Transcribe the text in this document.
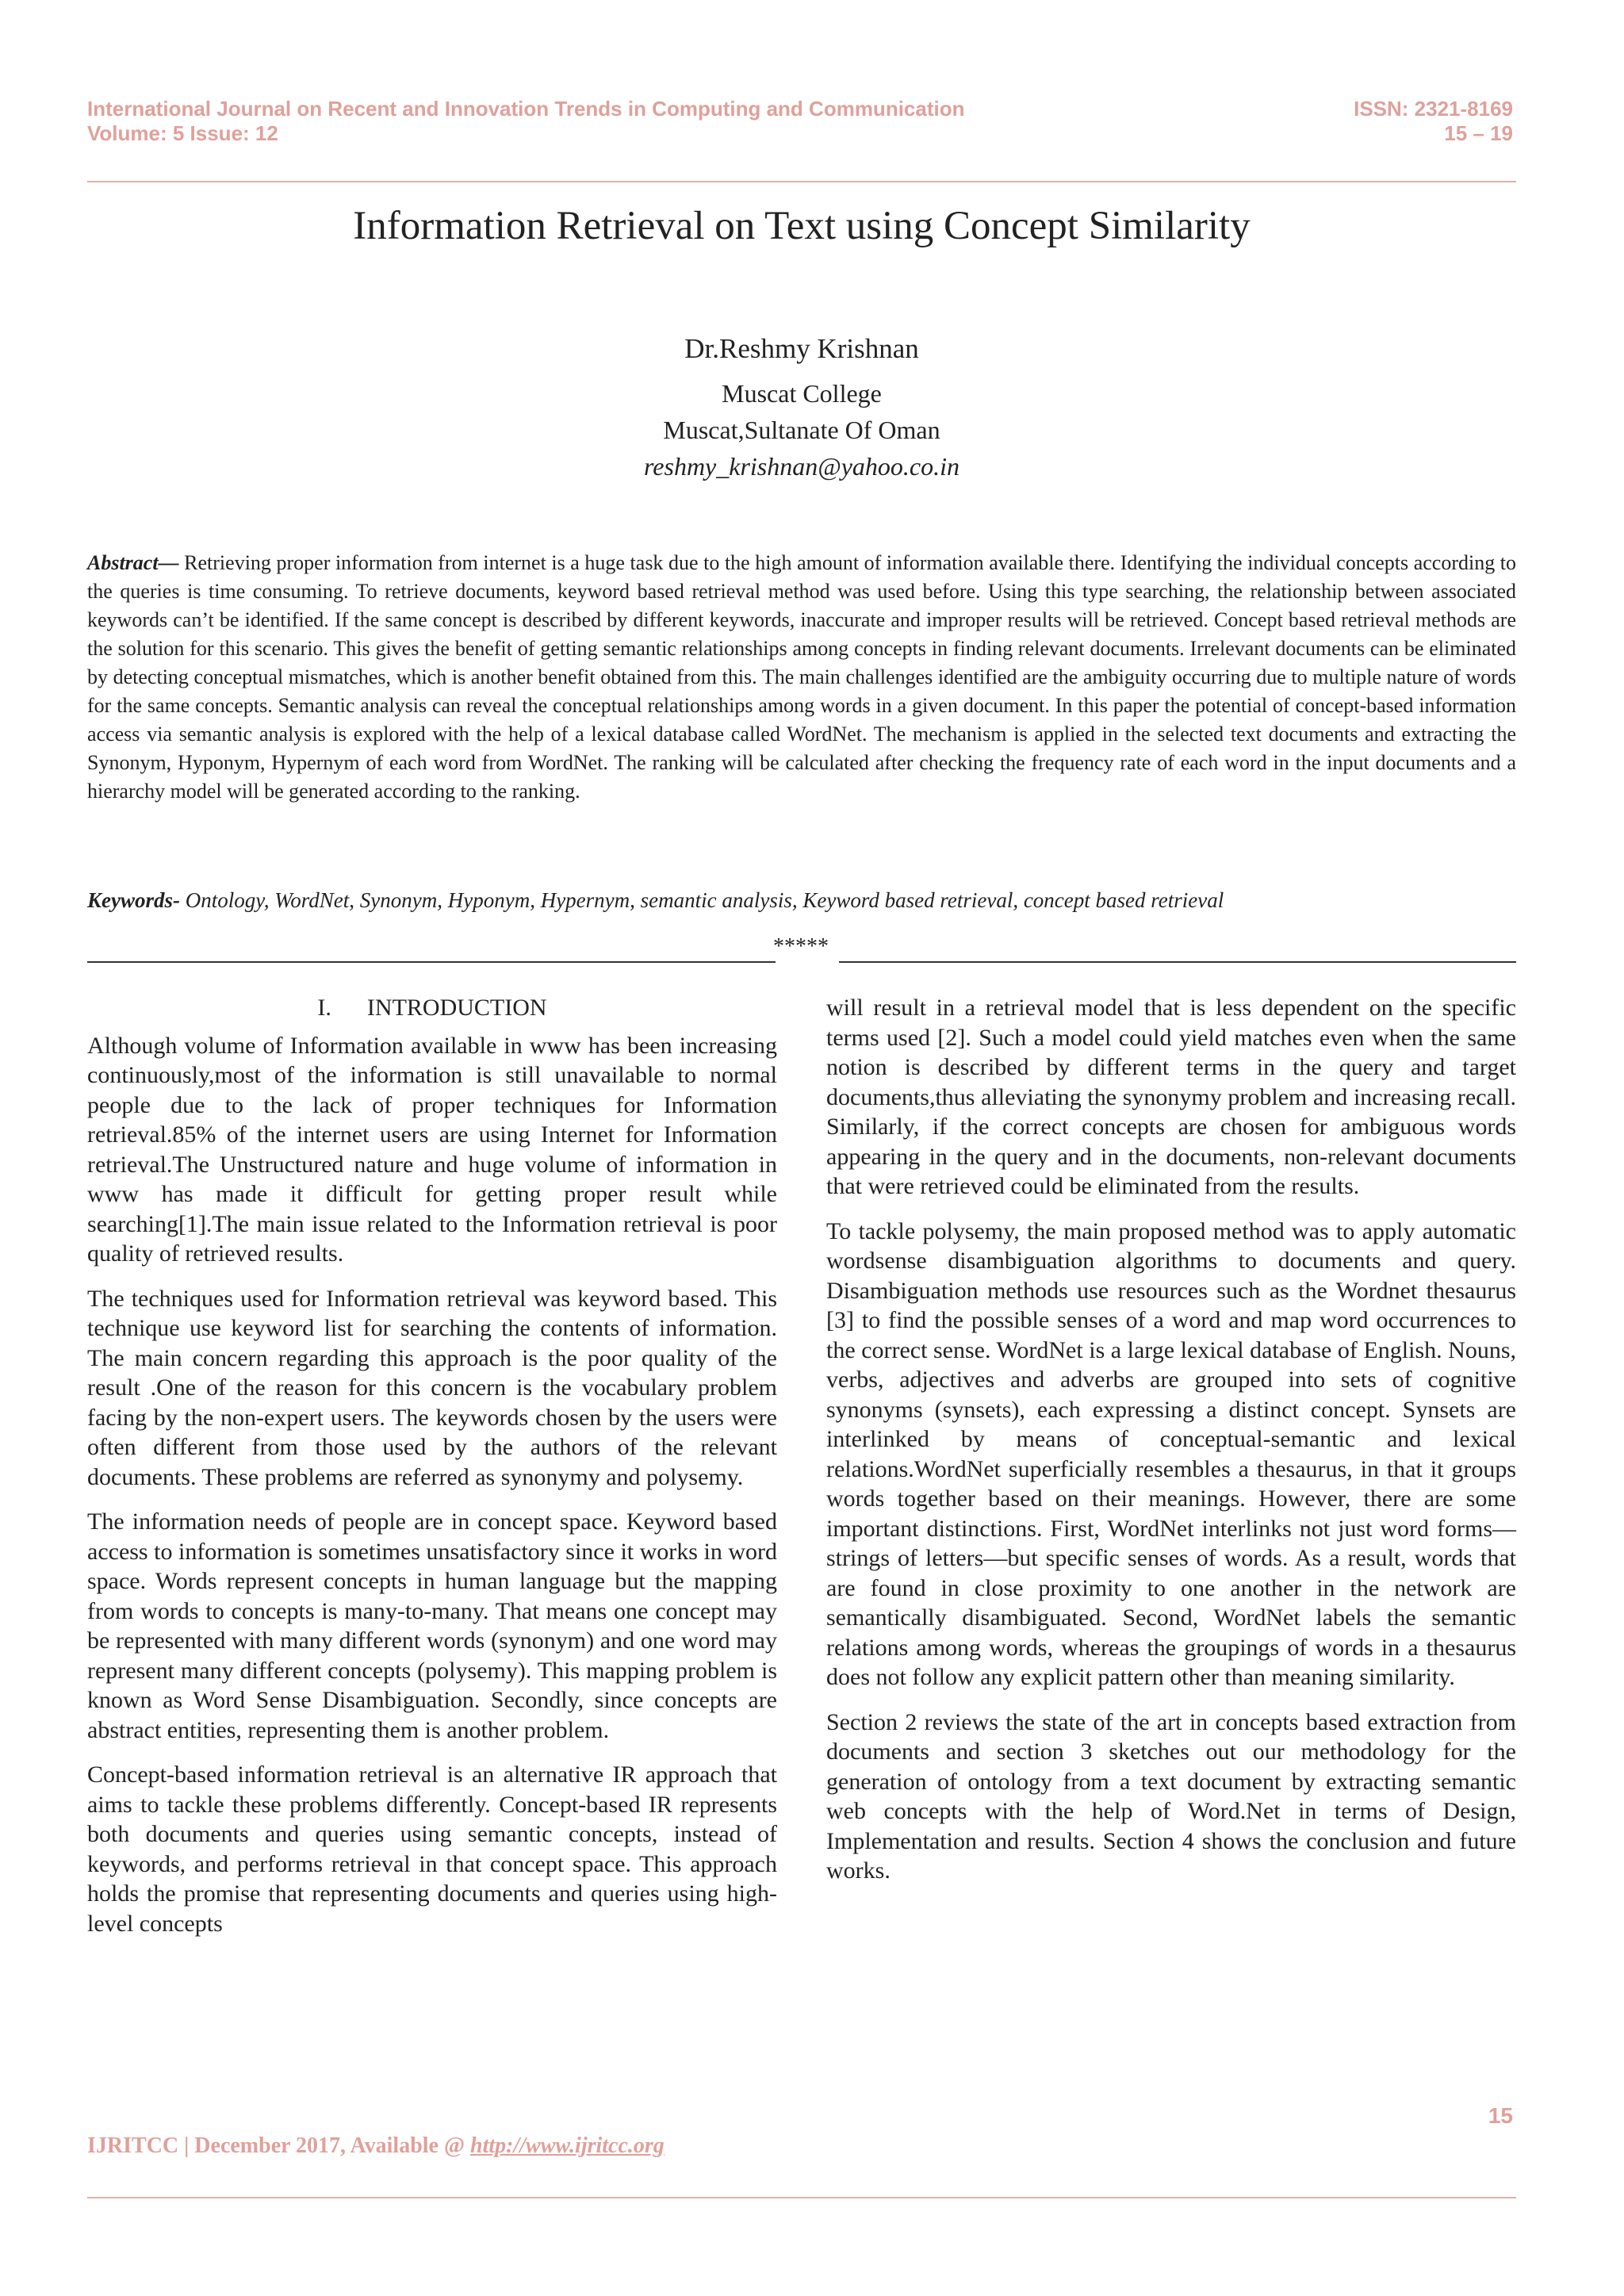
International Journal on Recent and Innovation Trends in Computing and Communication
Volume: 5 Issue: 12
ISSN: 2321-8169
15 – 19
Information Retrieval on Text using Concept Similarity
Dr.Reshmy Krishnan
Muscat College
Muscat,Sultanate Of Oman
reshmy_krishnan@yahoo.co.in

Abstract— Retrieving proper information from internet is a huge task due to the high amount of information available there. Identifying the individual concepts according to the queries is time consuming. To retrieve documents, keyword based retrieval method was used before. Using this type searching, the relationship between associated keywords can’t be identified. If the same concept is described by different keywords, inaccurate and improper results will be retrieved. Concept based retrieval methods are the solution for this scenario. This gives the benefit of getting semantic relationships among concepts in finding relevant documents. Irrelevant documents can be eliminated by detecting conceptual mismatches, which is another benefit obtained from this. The main challenges identified are the ambiguity occurring due to multiple nature of words for the same concepts. Semantic analysis can reveal the conceptual relationships among words in a given document. In this paper the potential of concept-based information access via semantic analysis is explored with the help of a lexical database called WordNet. The mechanism is applied in the selected text documents and extracting the Synonym, Hyponym, Hypernym of each word from WordNet. The ranking will be calculated after checking the frequency rate of each word in the input documents and a hierarchy model will be generated according to the ranking.

Keywords- Ontology, WordNet, Synonym, Hyponym, Hypernym, semantic analysis, Keyword based retrieval, concept based retrieval

*****
I. INTRODUCTION

Although volume of Information available in www has been increasing continuously,most of the information is still unavailable to normal people due to the lack of proper techniques for Information retrieval.85% of the internet users are using Internet for Information retrieval.The Unstructured nature and huge volume of information in www has made it difficult for getting proper result while searching[1].The main issue related to the Information retrieval is poor quality of retrieved results.

The techniques used for Information retrieval was keyword based. This technique use keyword list for searching the contents of information. The main concern regarding this approach is the poor quality of the result .One of the reason for this concern is the vocabulary problem facing by the non-expert users. The keywords chosen by the users were often different from those used by the authors of the relevant documents. These problems are referred as synonymy and polysemy.

The information needs of people are in concept space. Keyword based access to information is sometimes unsatisfactory since it works in word space. Words represent concepts in human language but the mapping from words to concepts is many-to-many. That means one concept may be represented with many different words (synonym) and one word may represent many different concepts (polysemy). This mapping problem is known as Word Sense Disambiguation. Secondly, since concepts are abstract entities, representing them is another problem.

Concept-based information retrieval is an alternative IR approach that aims to tackle these problems differently. Concept-based IR represents both documents and queries using semantic concepts, instead of keywords, and performs retrieval in that concept space. This approach holds the promise that representing documents and queries using high-level concepts

will result in a retrieval model that is less dependent on the specific terms used [2]. Such a model could yield matches even when the same notion is described by different terms in the query and target documents,thus alleviating the synonymy problem and increasing recall. Similarly, if the correct concepts are chosen for ambiguous words appearing in the query and in the documents, non-relevant documents that were retrieved could be eliminated from the results.

To tackle polysemy, the main proposed method was to apply automatic wordsense disambiguation algorithms to documents and query. Disambiguation methods use resources such as the Wordnet thesaurus [3] to find the possible senses of a word and map word occurrences to the correct sense. WordNet is a large lexical database of English. Nouns, verbs, adjectives and adverbs are grouped into sets of cognitive synonyms (synsets), each expressing a distinct concept. Synsets are interlinked by means of conceptual-semantic and lexical relations.WordNet superficially resembles a thesaurus, in that it groups words together based on their meanings. However, there are some important distinctions. First, WordNet interlinks not just word forms—strings of letters—but specific senses of words. As a result, words that are found in close proximity to one another in the network are semantically disambiguated. Second, WordNet labels the semantic relations among words, whereas the groupings of words in a thesaurus does not follow any explicit pattern other than meaning similarity.

Section 2 reviews the state of the art in concepts based extraction from documents and section 3 sketches out our methodology for the generation of ontology from a text document by extracting semantic web concepts with the help of Word.Net in terms of Design, Implementation and results. Section 4 shows the conclusion and future works.

15
IJRITCC | December 2017, Available @ http://www.ijritcc.org
